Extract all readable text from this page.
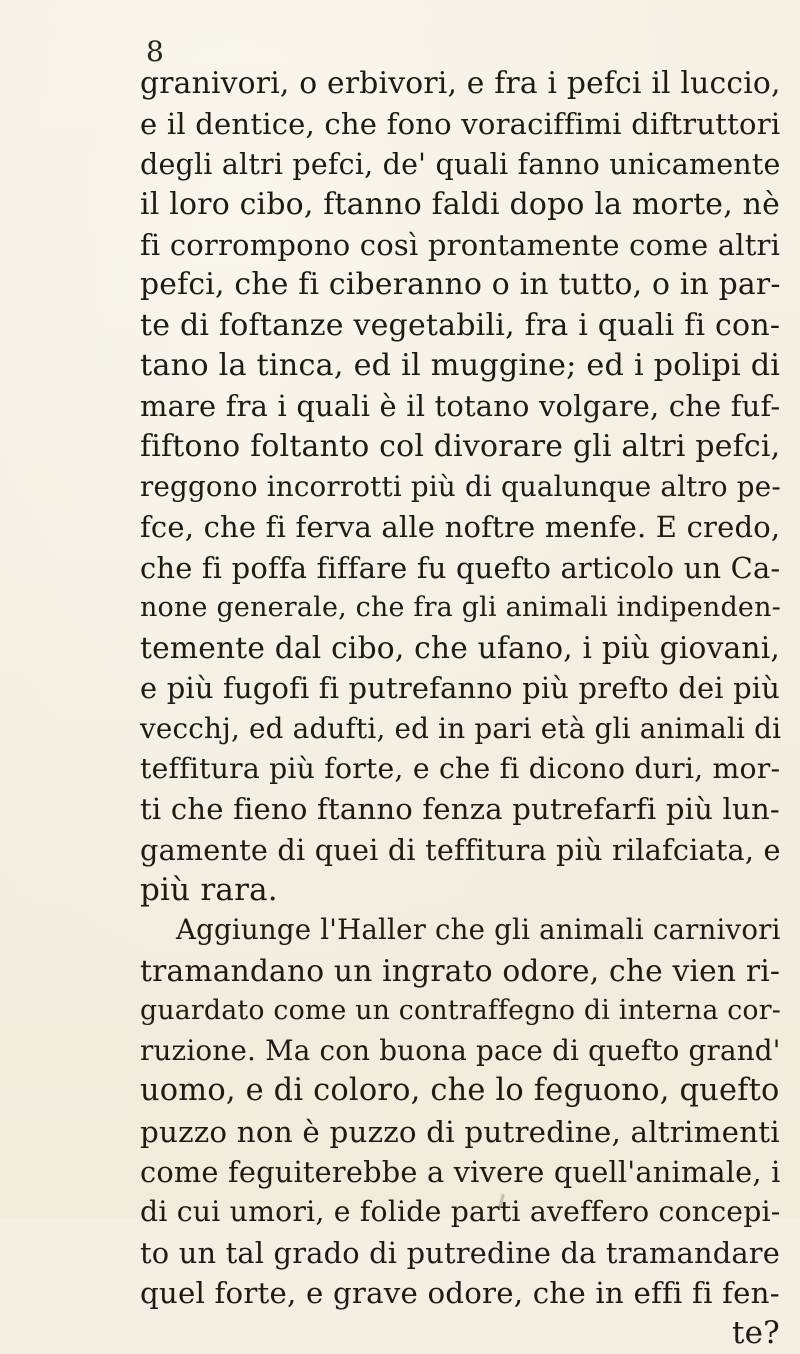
8
granivori, o erbivori, e fra i pefci il luccio,
e il dentice, che fono voraciffimi diftruttori
degli altri pefci, de' quali fanno unicamente
il loro cibo, ftanno faldi dopo la morte, nè
fi corrompono così prontamente come altri
pefci, che fi ciberanno o in tutto, o in par-
te di foftanze vegetabili, fra i quali fi con-
tano la tinca, ed il muggine; ed i polipi di
mare fra i quali è il totano volgare, che fuf-
fiftono foltanto col divorare gli altri pefci,
reggono incorrotti più di qualunque altro pe-
fce, che fi ferva alle noftre menfe. E credo,
che fi poffa fiffare fu quefto articolo un Ca-
none generale, che fra gli animali indipenden-
temente dal cibo, che ufano, i più giovani,
e più fugofi fi putrefanno più prefto dei più
vecchj, ed adufti, ed in pari età gli animali di
teffitura più forte, e che fi dicono duri, mor-
ti che fieno ftanno fenza putrefarfi più lun-
gamente di quei di teffitura più rilafciata, e
più rara.
Aggiunge l'Haller che gli animali carnivori
tramandano un ingrato odore, che vien ri-
guardato come un contraffegno di interna cor-
ruzione. Ma con buona pace di quefto grand'
uomo, e di coloro, che lo feguono, quefto
puzzo non è puzzo di putredine, altrimenti
come feguiterebbe a vivere quell'animale, i
di cui umori, e folide parti aveffero concepi-
to un tal grado di putredine da tramandare
quel forte, e grave odore, che in effi fi fen-
te?
